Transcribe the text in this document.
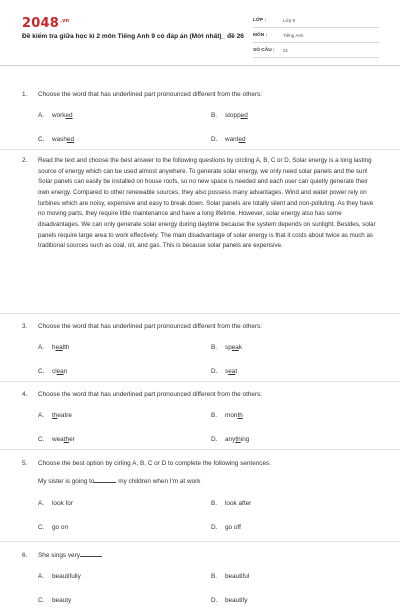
$2048^{.vn}$
Đề kiểm tra giữa học kì 2 môn Tiếng Anh 9 có đáp án (Mới nhất)_ đề 26
LỚP :	Lớp 9
MÔN :	Tiếng Anh
SỐ CÂU :	21
1. Choose the word that has underlined part pronounced different from the others:
A. worked	B. stopped
C. washed	D. wanted
2. Read the text and choose the best answer to the following questions by circling A, B, C or D. Solar energy is a long lasting source of energy which can be used almost anywhere. To generate solar energy, we only need solar panels and the sun! Solar panels can easily be installed on house roofs, so no new space is needed and each user can quietly generate their own energy. Compared to other renewable sources, they also possess many advantages. Wind and water power rely on turbines which are noisy, expensive and easy to break down. Solar panels are totally silent and non-polluting. As they have no moving parts, they require little maintenance and have a long lifetime. However, solar energy also has some disadvantages. We can only generate solar energy during daytime because the system depends on sunlight. Besides, solar panels require large area to work effectively. The main disadvantage of solar energy is that it costs about twice as much as traditional sources such as coal, oil, and gas. This is because solar panels are expensive.
3. Choose the word that has underlined part pronounced different from the others:
A. health	B. speak
C. clean	D. seat
4. Choose the word that has underlined part pronounced different from the others:
A. theatre	B. month
C. weather	D. anything
5. Choose the best option by cirling A, B, C or D to complete the following sentences.
My sister is going to	my children when I'm at work
A. look for	B. look after
C. go on	D. go off
6. She sings very
A. beautifully	B. beautiful
C. beauty	D. beautify
